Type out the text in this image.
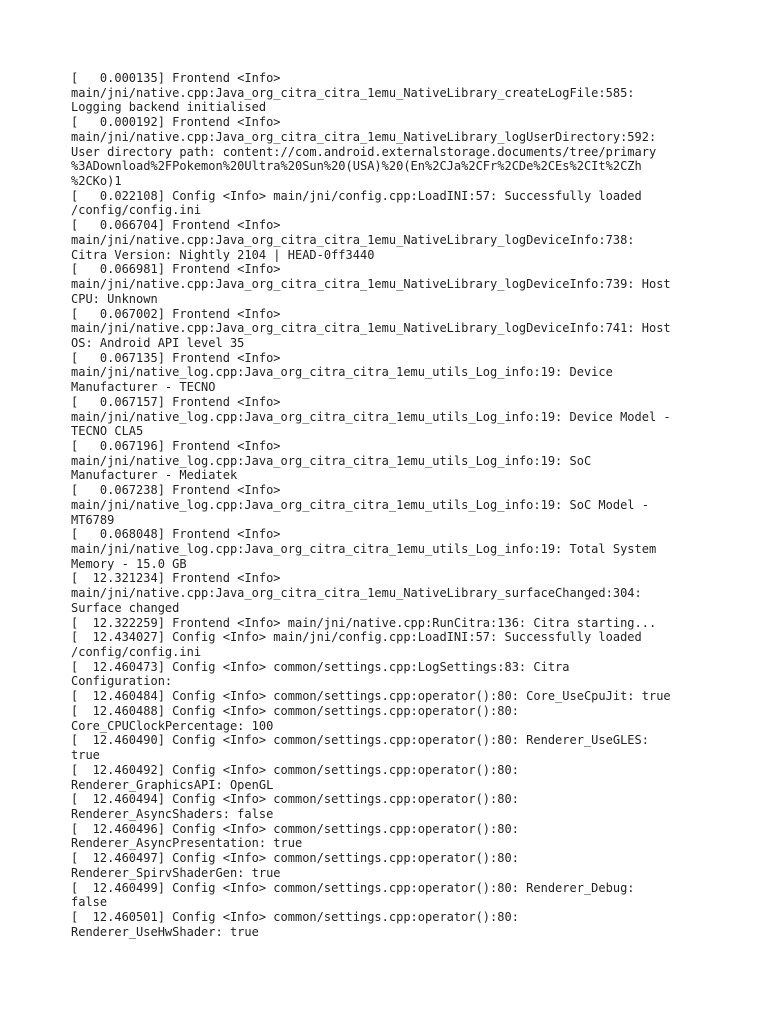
[   0.000135] Frontend <Info>

main/jni/native.cpp:Java_org_citra_citra_1emu_NativeLibrary_createLogFile:585:

Logging backend initialised

[   0.000192] Frontend <Info>

main/jni/native.cpp:Java_org_citra_citra_1emu_NativeLibrary_logUserDirectory:592:

User directory path: content://com.android.externalstorage.documents/tree/primary

%3ADownload%2FPokemon%20Ultra%20Sun%20(USA)%20(En%2CJa%2CFr%2CDe%2CEs%2CIt%2CZh

%2CKo)1

[   0.022108] Config <Info> main/jni/config.cpp:LoadINI:57: Successfully loaded

/config/config.ini

[   0.066704] Frontend <Info>

main/jni/native.cpp:Java_org_citra_citra_1emu_NativeLibrary_logDeviceInfo:738:

Citra Version: Nightly 2104 | HEAD-0ff3440

[   0.066981] Frontend <Info>

main/jni/native.cpp:Java_org_citra_citra_1emu_NativeLibrary_logDeviceInfo:739: Host

CPU: Unknown

[   0.067002] Frontend <Info>

main/jni/native.cpp:Java_org_citra_citra_1emu_NativeLibrary_logDeviceInfo:741: Host

OS: Android API level 35

[   0.067135] Frontend <Info>

main/jni/native_log.cpp:Java_org_citra_citra_1emu_utils_Log_info:19: Device

Manufacturer - TECNO

[   0.067157] Frontend <Info>

main/jni/native_log.cpp:Java_org_citra_citra_1emu_utils_Log_info:19: Device Model -

TECNO CLA5

[   0.067196] Frontend <Info>

main/jni/native_log.cpp:Java_org_citra_citra_1emu_utils_Log_info:19: SoC

Manufacturer - Mediatek

[   0.067238] Frontend <Info>

main/jni/native_log.cpp:Java_org_citra_citra_1emu_utils_Log_info:19: SoC Model -

MT6789

[   0.068048] Frontend <Info>

main/jni/native_log.cpp:Java_org_citra_citra_1emu_utils_Log_info:19: Total System

Memory - 15.0 GB

[  12.321234] Frontend <Info>

main/jni/native.cpp:Java_org_citra_citra_1emu_NativeLibrary_surfaceChanged:304:

Surface changed

[  12.322259] Frontend <Info> main/jni/native.cpp:RunCitra:136: Citra starting...

[  12.434027] Config <Info> main/jni/config.cpp:LoadINI:57: Successfully loaded

/config/config.ini

[  12.460473] Config <Info> common/settings.cpp:LogSettings:83: Citra

Configuration:

[  12.460484] Config <Info> common/settings.cpp:operator():80: Core_UseCpuJit: true

[  12.460488] Config <Info> common/settings.cpp:operator():80:

Core_CPUClockPercentage: 100

[  12.460490] Config <Info> common/settings.cpp:operator():80: Renderer_UseGLES:

true

[  12.460492] Config <Info> common/settings.cpp:operator():80:

Renderer_GraphicsAPI: OpenGL

[  12.460494] Config <Info> common/settings.cpp:operator():80:

Renderer_AsyncShaders: false

[  12.460496] Config <Info> common/settings.cpp:operator():80:

Renderer_AsyncPresentation: true

[  12.460497] Config <Info> common/settings.cpp:operator():80:

Renderer_SpirvShaderGen: true

[  12.460499] Config <Info> common/settings.cpp:operator():80: Renderer_Debug:

false

[  12.460501] Config <Info> common/settings.cpp:operator():80:

Renderer_UseHwShader: true
